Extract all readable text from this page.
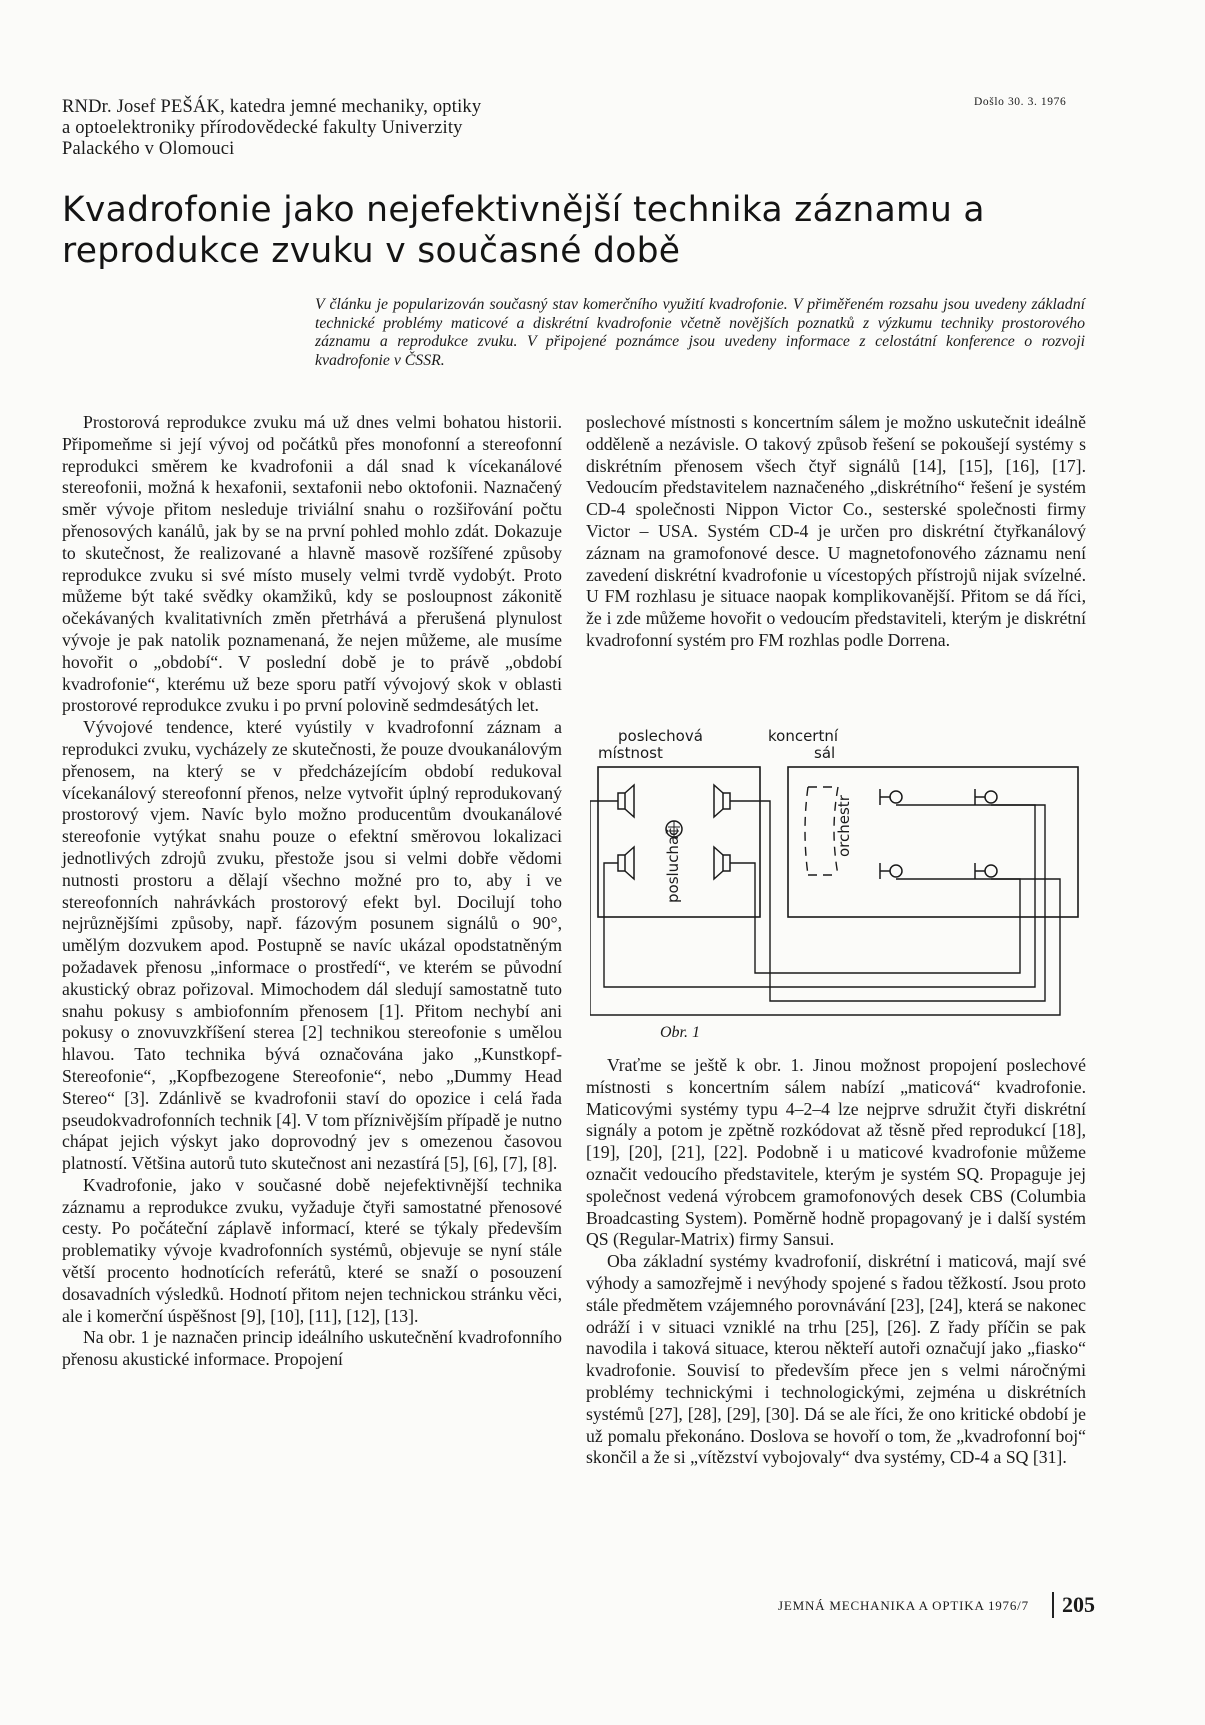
RNDr. Josef PEŠÁK, katedra jemné mechaniky, optiky
a optoelektroniky přírodovědecké fakulty Univerzity
Palackého v Olomouci
Došlo 30. 3. 1976
Kvadrofonie jako nejefektivnější technika záznamu a reprodukce zvuku v současné době
V článku je popularizován současný stav komerčního využití kvadrofonie. V přiměřeném rozsahu jsou uvedeny základní technické problémy maticové a diskrétní kvadrofonie včetně novějších poznatků z výzkumu techniky prostorového záznamu a reprodukce zvuku. V připojené poznámce jsou uvedeny informace z celostátní konference o rozvoji kvadrofonie v ČSSR.

Prostorová reprodukce zvuku má už dnes velmi bohatou historii. Připomeňme si její vývoj od počátků přes monofonní a stereofonní reprodukci směrem ke kvadrofonii a dál snad k vícekanálové stereofonii, možná k hexafonii, sextafonii nebo oktofonii. Naznačený směr vývoje přitom nesleduje triviální snahu o rozšiřování počtu přenosových kanálů, jak by se na první pohled mohlo zdát. Dokazuje to skutečnost, že realizované a hlavně masově rozšířené způsoby reprodukce zvuku si své místo musely velmi tvrdě vydobýt. Proto můžeme být také svědky okamžiků, kdy se posloupnost zákonitě očekávaných kvalitativních změn přetrhává a přerušená plynulost vývoje je pak natolik poznamenaná, že nejen můžeme, ale musíme hovořit o „období“. V poslední době je to právě „období kvadrofonie“, kterému už beze sporu patří vývojový skok v oblasti prostorové reprodukce zvuku i po první polovině sedmdesátých let.

Vývojové tendence, které vyústily v kvadrofonní záznam a reprodukci zvuku, vycházely ze skutečnosti, že pouze dvoukanálovým přenosem, na který se v předcházejícím období redukoval vícekanálový stereofonní přenos, nelze vytvořit úplný reprodukovaný prostorový vjem. Navíc bylo možno producentům dvoukanálové stereofonie vytýkat snahu pouze o efektní směrovou lokalizaci jednotlivých zdrojů zvuku, přestože jsou si velmi dobře vědomi nutnosti prostoru a dělají všechno možné pro to, aby i ve stereofonních nahrávkách prostorový efekt byl. Docilují toho nejrůznějšími způsoby, např. fázovým posunem signálů o 90°, umělým dozvukem apod. Postupně se navíc ukázal opodstatněným požadavek přenosu „informace o prostředí“, ve kterém se původní akustický obraz pořizoval. Mimochodem dál sledují samostatně tuto snahu pokusy s ambiofonním přenosem [1]. Přitom nechybí ani pokusy o znovuvzkříšení sterea [2] technikou stereofonie s umělou hlavou. Tato technika bývá označována jako „Kunstkopf-Stereofonie“, „Kopfbezogene Stereofonie“, nebo „Dummy Head Stereo“ [3]. Zdánlivě se kvadrofonii staví do opozice i celá řada pseudokvadrofonních technik [4]. V tom příznivějším případě je nutno chápat jejich výskyt jako doprovodný jev s omezenou časovou platností. Většina autorů tuto skutečnost ani nezastírá [5], [6], [7], [8].

Kvadrofonie, jako v současné době nejefektivnější technika záznamu a reprodukce zvuku, vyžaduje čtyři samostatné přenosové cesty. Po počáteční záplavě informací, které se týkaly především problematiky vývoje kvadrofonních systémů, objevuje se nyní stále větší procento hodnotících referátů, které se snaží o posouzení dosavadních výsledků. Hodnotí přitom nejen technickou stránku věci, ale i komerční úspěšnost [9], [10], [11], [12], [13].

Na obr. 1 je naznačen princip ideálního uskutečnění kvadrofonního přenosu akustické informace. Propojení

poslechové místnosti s koncertním sálem je možno uskutečnit ideálně odděleně a nezávisle. O takový způsob řešení se pokoušejí systémy s diskrétním přenosem všech čtyř signálů [14], [15], [16], [17]. Vedoucím představitelem naznačeného „diskrétního“ řešení je systém CD-4 společnosti Nippon Victor Co., sesterské společnosti firmy Victor – USA. Systém CD-4 je určen pro diskrétní čtyřkanálový záznam na gramofonové desce. U magnetofonového záznamu není zavedení diskrétní kvadrofonie u vícestopých přístrojů nijak svízelné. U FM rozhlasu je situace naopak komplikovanější. Přitom se dá říci, že i zde můžeme hovořit o vedoucím představiteli, kterým je diskrétní kvadrofonní systém pro FM rozhlas podle Dorrena.

poslechová
místnost
koncertní
sál
posluchač
orchestr
Obr. 1

Vraťme se ještě k obr. 1. Jinou možnost propojení poslechové místnosti s koncertním sálem nabízí „maticová“ kvadrofonie. Maticovými systémy typu 4–2–4 lze nejprve sdružit čtyři diskrétní signály a potom je zpětně rozkódovat až těsně před reprodukcí [18], [19], [20], [21], [22]. Podobně i u maticové kvadrofonie můžeme označit vedoucího představitele, kterým je systém SQ. Propaguje jej společnost vedená výrobcem gramofonových desek CBS (Columbia Broadcasting System). Poměrně hodně propagovaný je i další systém QS (Regular-Matrix) firmy Sansui.

Oba základní systémy kvadrofonií, diskrétní i maticová, mají své výhody a samozřejmě i nevýhody spojené s řadou těžkostí. Jsou proto stále předmětem vzájemného porovnávání [23], [24], která se nakonec odráží i v situaci vzniklé na trhu [25], [26]. Z řady příčin se pak navodila i taková situace, kterou někteří autoři označují jako „fiasko“ kvadrofonie. Souvisí to především přece jen s velmi náročnými problémy technickými i technologickými, zejména u diskrétních systémů [27], [28], [29], [30]. Dá se ale říci, že ono kritické období je už pomalu překonáno. Doslova se hovoří o tom, že „kvadrofonní boj“ skončil a že si „vítězství vybojovaly“ dva systémy, CD-4 a SQ [31].

JEMNÁ MECHANIKA A OPTIKA 1976/7 205
